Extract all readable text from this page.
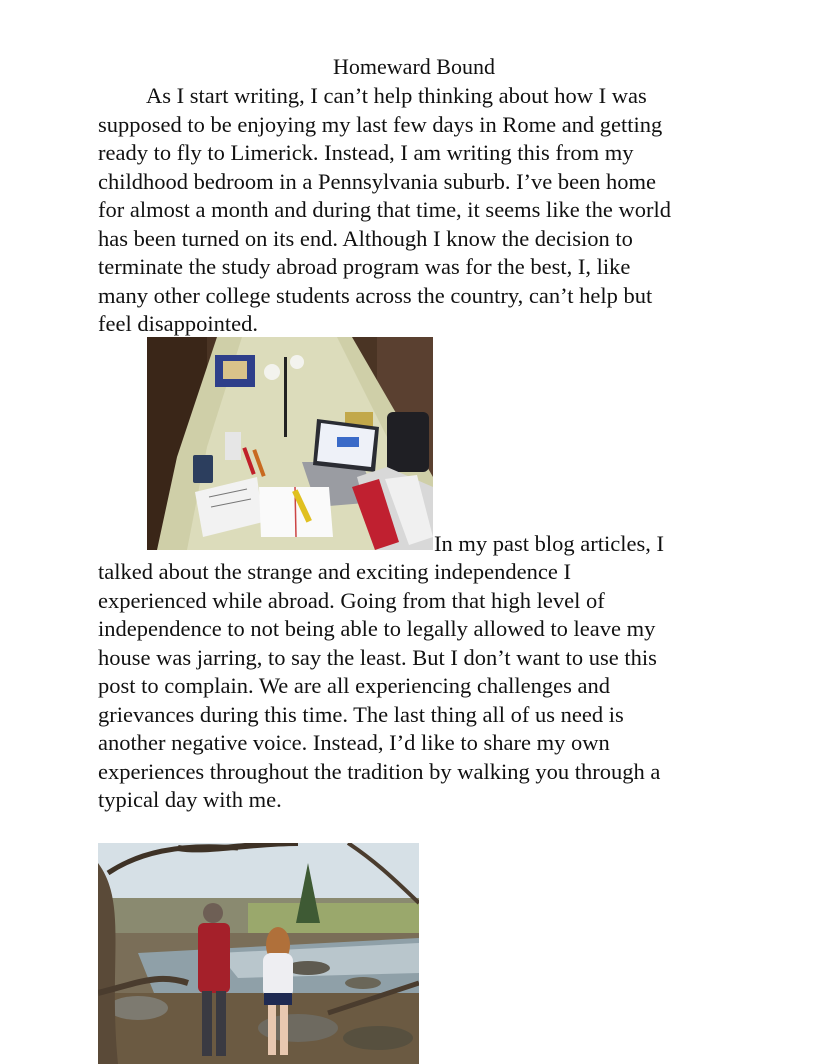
Homeward Bound
As I start writing, I can’t help thinking about how I was
supposed to be enjoying my last few days in Rome and getting
ready to fly to Limerick. Instead, I am writing this from my
childhood bedroom in a Pennsylvania suburb. I’ve been home
for almost a month and during that time, it seems like the world
has been turned on its end. Although I know the decision to
terminate the study abroad program was for the best, I, like
many other college students across the country, can’t help but
feel disappointed.
In my past blog articles, I
talked about the strange and exciting independence I
experienced while abroad. Going from that high level of
independence to not being able to legally allowed to leave my
house was jarring, to say the least. But I don’t want to use this
post to complain. We are all experiencing challenges and
grievances during this time. The last thing all of us need is
another negative voice. Instead, I’d like to share my own
experiences throughout the tradition by walking you through a
typical day with me.
